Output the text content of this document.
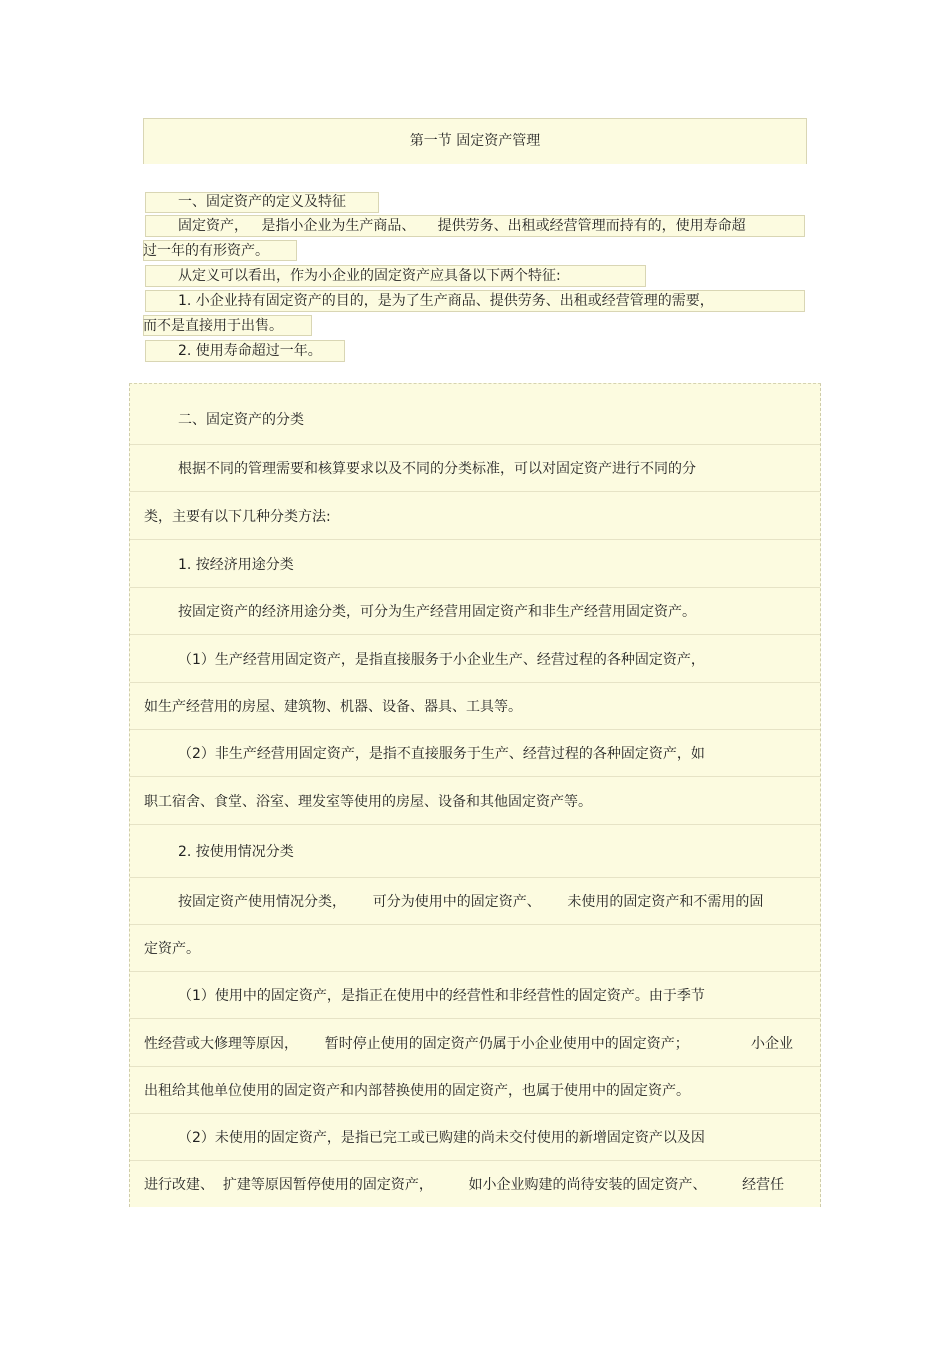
第一节 固定资产管理
一、固定资产的定义及特征
固定资产，   是指小企业为生产商品、     提供劳务、出租或经营管理而持有的，使用寿命超
过一年的有形资产。
从定义可以看出，作为小企业的固定资产应具备以下两个特征:
1. 小企业持有固定资产的目的，是为了生产商品、提供劳务、出租或经营管理的需要，
而不是直接用于出售。
2. 使用寿命超过一年。
二、固定资产的分类
根据不同的管理需要和核算要求以及不同的分类标准，可以对固定资产进行不同的分
类，主要有以下几种分类方法:
1. 按经济用途分类
按固定资产的经济用途分类，可分为生产经营用固定资产和非生产经营用固定资产。
（1）生产经营用固定资产，是指直接服务于小企业生产、经营过程的各种固定资产，
如生产经营用的房屋、建筑物、机器、设备、器具、工具等。
（2）非生产经营用固定资产，是指不直接服务于生产、经营过程的各种固定资产，如
职工宿舍、食堂、浴室、理发室等使用的房屋、设备和其他固定资产等。
2. 按使用情况分类
按固定资产使用情况分类，      可分为使用中的固定资产、      未使用的固定资产和不需用的固
定资产。
（1）使用中的固定资产，是指正在使用中的经营性和非经营性的固定资产。由于季节
性经营或大修理等原因，      暂时停止使用的固定资产仍属于小企业使用中的固定资产；              小企业
出租给其他单位使用的固定资产和内部替换使用的固定资产，也属于使用中的固定资产。
（2）未使用的固定资产，是指已完工或已购建的尚未交付使用的新增固定资产以及因
进行改建、  扩建等原因暂停使用的固定资产，        如小企业购建的尚待安装的固定资产、        经营任
